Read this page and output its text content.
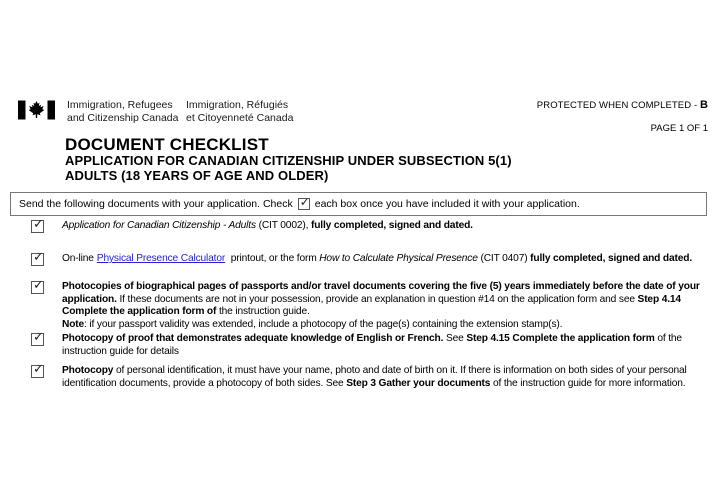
Immigration, Refugees
and Citizenship Canada
Immigration, Réfugiés
et Citoyenneté Canada
PROTECTED WHEN COMPLETED - B
PAGE 1 OF 1
DOCUMENT CHECKLIST
APPLICATION FOR CANADIAN CITIZENSHIP UNDER SUBSECTION 5(1)
ADULTS (18 YEARS OF AGE AND OLDER)
Send the following documents with your application. Check ✓ each box once you have included it with your application.
✓ Application for Canadian Citizenship - Adults (CIT 0002), fully completed, signed and dated.
✓ On-line Physical Presence Calculator printout, or the form How to Calculate Physical Presence (CIT 0407) fully completed, signed and dated.
✓ Photocopies of biographical pages of passports and/or travel documents covering the five (5) years immediately before the date of your application. If these documents are not in your possession, provide an explanation in question #14 on the application form and see Step 4.14 Complete the application form of the instruction guide.
Note: if your passport validity was extended, include a photocopy of the page(s) containing the extension stamp(s).
✓ Photocopy of proof that demonstrates adequate knowledge of English or French. See Step 4.15 Complete the application form of the instruction guide for details
✓ Photocopy of personal identification, it must have your name, photo and date of birth on it. If there is information on both sides of your personal identification documents, provide a photocopy of both sides. See Step 3 Gather your documents of the instruction guide for more information.
